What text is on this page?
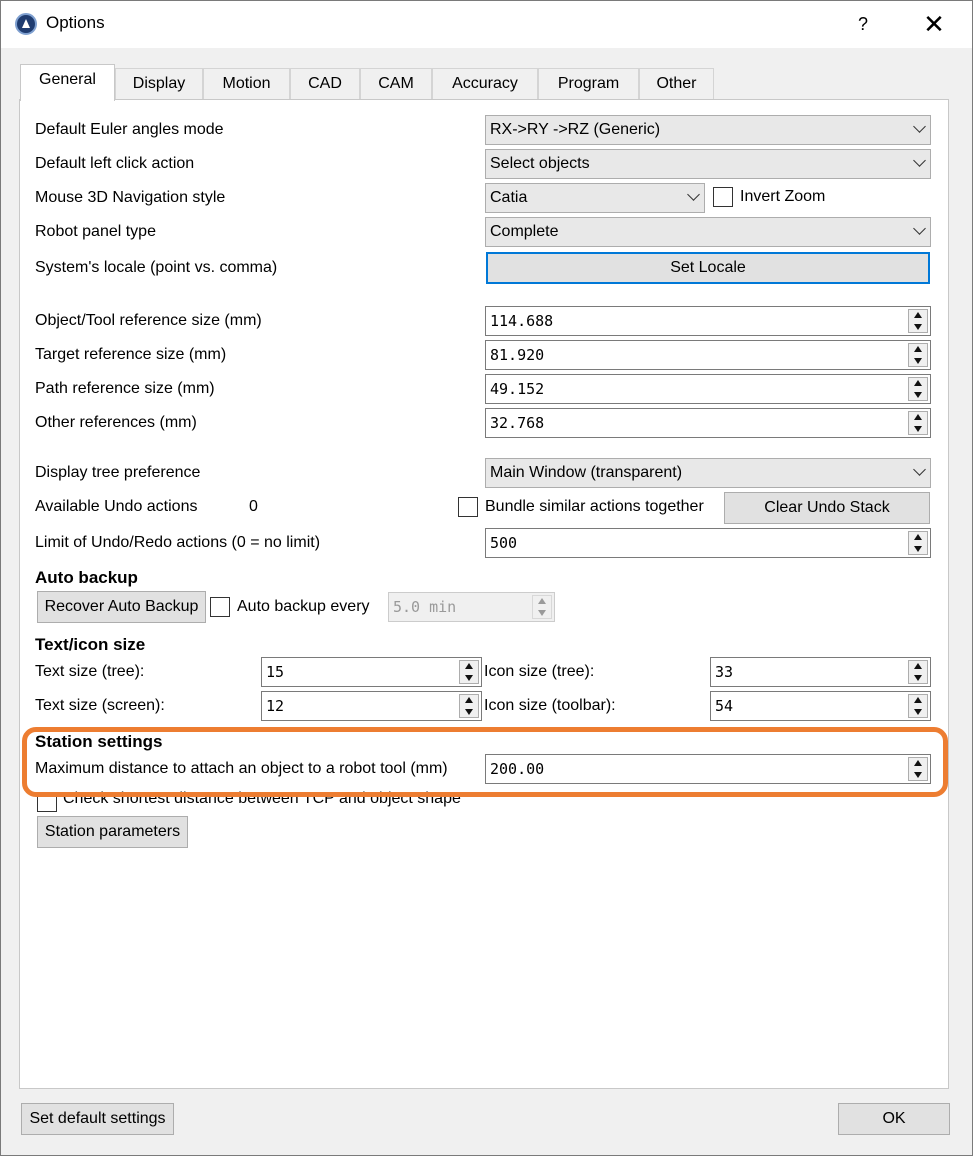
Options	?	✕
General	Display	Motion	CAD	CAM	Accuracy	Program	Other
Default Euler angles mode	RX->RY ->RZ (Generic)
Default left click action	Select objects
Mouse 3D Navigation style	Catia	Invert Zoom
Robot panel type	Complete
System's locale (point vs. comma)	Set Locale
Object/Tool reference size (mm)	114.688
Target reference size (mm)	81.920
Path reference size (mm)	49.152
Other references (mm)	32.768
Display tree preference	Main Window (transparent)
Available Undo actions	0	Bundle similar actions together	Clear Undo Stack
Limit of Undo/Redo actions (0 = no limit)	500
Auto backup
Recover Auto Backup	Auto backup every	5.0 min
Text/icon size
Text size (tree):	15	Icon size (tree):	33
Text size (screen):	12	Icon size (toolbar):	54
Station settings
Maximum distance to attach an object to a robot tool (mm)	200.00
Check shortest distance between TCP and object shape
Station parameters
Set default settings	OK
